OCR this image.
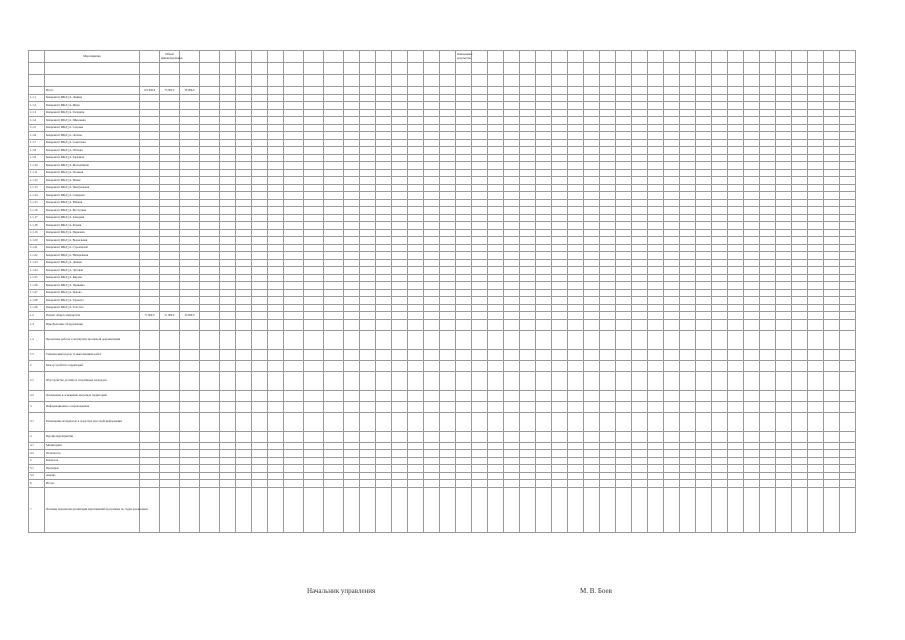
	Мероприятия		Объем финансирования																	Ожидаемые результаты																								

	Всего	101 000,0	73 000,0	28 000,0																																								
1.1.1	Капремонт МКД ул. Ленина																																											
1.1.2	Капремонт МКД ул. Мира																																											
1.1.3	Капремонт МКД ул. Гагарина																																											
1.1.4	Капремонт МКД ул. Школьная																																											
1.1.5	Капремонт МКД ул. Садовая																																											
1.1.6	Капремонт МКД ул. Лесная																																											
1.1.7	Капремонт МКД ул. Советская																																											
1.1.8	Капремонт МКД ул. Победы																																											
1.1.9	Капремонт МКД ул. Заречная																																											
1.1.10	Капремонт МКД ул. Молодёжная																																											
1.1.11	Капремонт МКД ул. Полевая																																											
1.1.12	Капремонт МКД ул. Новая																																											
1.1.13	Капремонт МКД ул. Центральная																																											
1.1.14	Капремонт МКД ул. Северная																																											
1.1.15	Капремонт МКД ул. Южная																																											
1.1.16	Капремонт МКД ул. Восточная																																											
1.1.17	Капремонт МКД ул. Западная																																											
1.1.18	Капремонт МКД ул. Речная																																											
1.1.19	Капремонт МКД ул. Парковая																																											
1.1.20	Капремонт МКД ул. Вокзальная																																											
1.1.21	Капремонт МКД ул. Строителей																																											
1.1.22	Капремонт МКД ул. Набережная																																											
1.1.23	Капремонт МКД ул. Дачная																																											
1.1.24	Капремонт МКД ул. Луговая																																											
1.1.25	Капремонт МКД ул. Кирова																																											
1.1.26	Капремонт МКД ул. Пушкина																																											
1.1.27	Капремонт МКД ул. Чехова																																											
1.1.28	Капремонт МКД ул. Горького																																											
1.1.29	Капремонт МКД ул. Толстого																																											
1.2	Ремонт общего имущества	71 000,0	51 000,0	20 000,0																																								
1.3	Приобретение оборудования																																											
1.4	Проектные работы и экспертиза проектной документации																																											
1.5	Технический надзор за выполнением работ																																											
2	Благоустройство территорий																																											
2.1	Обустройство детских и спортивных площадок																																											
2.2	Озеленение и освещение дворовых территорий																																											
3	Информационное сопровождение																																											
3.1	Размещение материалов в средствах массовой информации																																											
4	Прочие мероприятия																																											
4.1	Мониторинг																																											
4.2	Отчётность																																											
5	Контроль																																											
5.1	Проверки																																											
5.2	Анализ																																											
6	Итоги																																											
7	Целевые показатели реализации мероприятий программы по годам реализации																																											
Начальник управления	М. В. Боев
